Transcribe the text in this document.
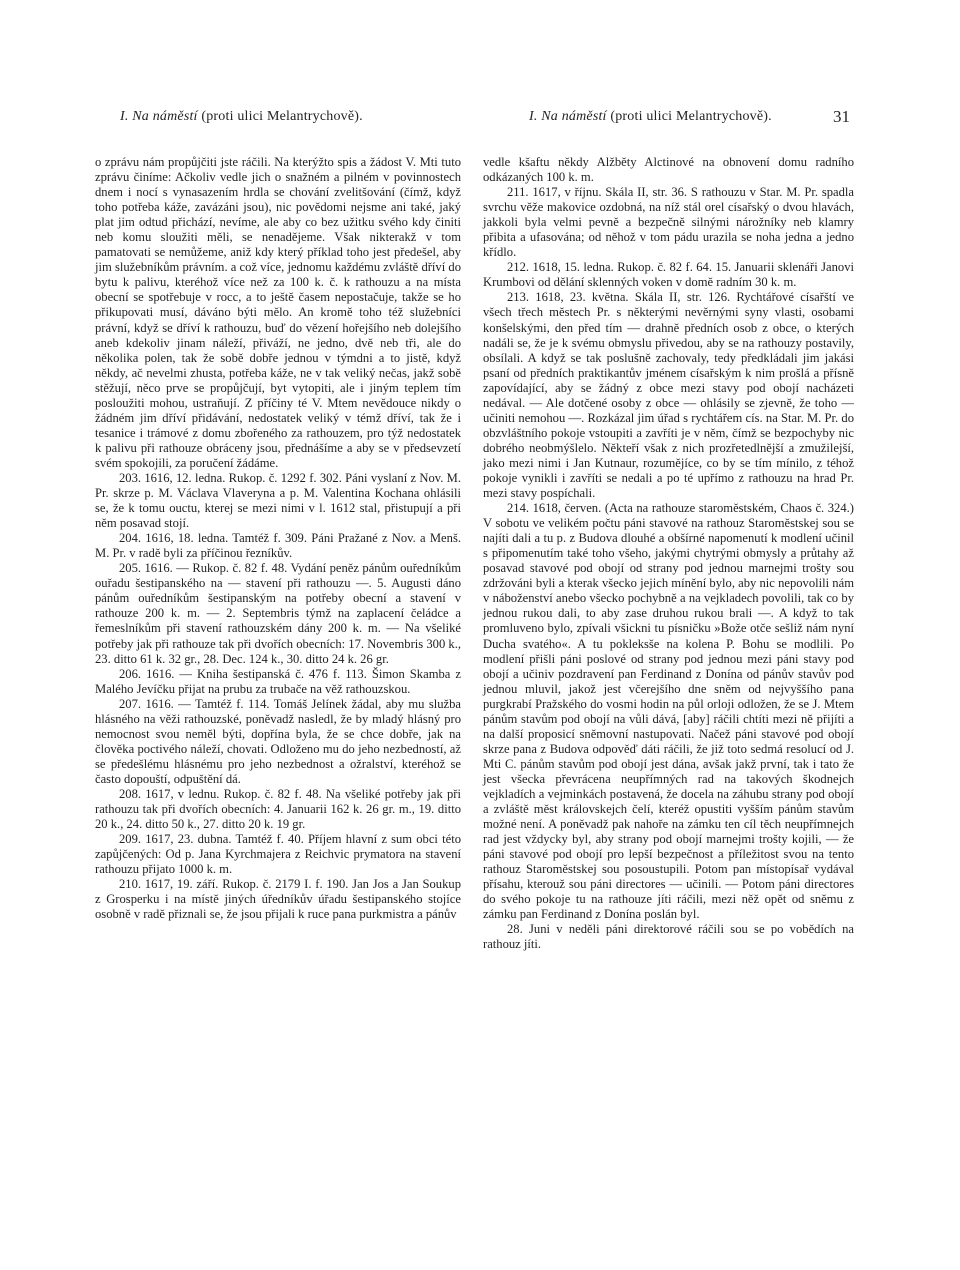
I. Na náměstí (proti ulici Melantrychově).	I. Na náměstí (proti ulici Melantrychově).	31

o zprávu nám propůjčiti jste ráčili. Na kterýžto spis a žádost V. Mti tuto zprávu činíme: Ačkoliv vedle jich o snažném a pilném v povinnostech dnem i nocí s vynasazením hrdla se chování zvelitšování (čímž, když toho potřeba káže, zavázáni jsou), nic povědomi nejsme ani také, jaký plat jim odtud přichází, nevíme, ale aby co bez užitku svého kdy činiti neb komu sloužiti měli, se nenadějeme. Však nikterakž v tom pamatovati se nemůžeme, aniž kdy který příklad toho jest předešel, aby jim služebníkům právním. a což více, jednomu každému zvláště dříví do bytu k palivu, kteréhož více než za 100 k. č. k rathouzu a na místa obecní se spotřebuje v rocc, a to ještě časem nepostačuje, takže se ho přikupovati musí, dáváno býti mělo. An kromě toho též služebníci právní, když se dříví k rathouzu, buď do vězení hořejšího neb dolejšího aneb kdekoliv jinam náleží, přiváží, ne jedno, dvě neb tři, ale do několika polen, tak že sobě dobře jednou v týmdni a to jistě, když někdy, ač nevelmi zhusta, potřeba káže, ne v tak veliký nečas, jakž sobě stěžují, něco prve se propůjčují, byt vytopiti, ale i jiným teplem tím posloužiti mohou, ustraňují. Z příčiny té V. Mtem nevědouce nikdy o žádném jim dříví přidávání, nedostatek veliký v témž dříví, tak že i tesanice i trámové z domu zbořeného za rathouzem, pro týž nedostatek k palivu při rathouze obráceny jsou, přednášíme a aby se v předsevzetí svém spokojili, za poručení žádáme.

203. 1616, 12. ledna. Rukop. č. 1292 f. 302. Páni vyslaní z Nov. M. Pr. skrze p. M. Václava Vlaveryna a p. M. Valentina Kochana ohlásili se, že k tomu ouctu, kterej se mezi nimi v l. 1612 stal, přistupují a při něm posavad stojí.

204. 1616, 18. ledna. Tamtéž f. 309. Páni Pražané z Nov. a Menš. M. Pr. v radě byli za příčinou řezníkův.

205. 1616. — Rukop. č. 82 f. 48. Vydání peněz pánům ouředníkům ouřadu šestipanského na — stavení při rathouzu —. 5. Augusti dáno pánům ouředníkům šestipanským na potřeby obecní a stavení v rathouze 200 k. m. — 2. Septembris týmž na zaplacení čeládce a řemeslníkům při stavení rathouzském dány 200 k. m. — Na všeliké potřeby jak při rathouze tak při dvořích obecních: 17. Novembris 300 k., 23. ditto 61 k. 32 gr., 28. Dec. 124 k., 30. ditto 24 k. 26 gr.

206. 1616. — Kniha šestipanská č. 476 f. 113. Šimon Skamba z Malého Jevíčku přijat na prubu za trubače na věž rathouzskou.

207. 1616. — Tamtéž f. 114. Tomáš Jelínek žádal, aby mu služba hlásného na věži rathouzské, poněvadž nasledl, že by mladý hlásný pro nemocnost svou neměl býti, dopřína byla, že se chce dobře, jak na člověka poctivého náleží, chovati. Odloženo mu do jeho nezbedností, až se předešlému hlásnému pro jeho nezbednost a ožralství, kteréhož se často dopouští, odpuštění dá.

208. 1617, v lednu. Rukop. č. 82 f. 48. Na všeliké potřeby jak při rathouzu tak při dvořích obecních: 4. Januarii 162 k. 26 gr. m., 19. ditto 20 k., 24. ditto 50 k., 27. ditto 20 k. 19 gr.

209. 1617, 23. dubna. Tamtéž f. 40. Příjem hlavní z sum obci této zapůjčených: Od p. Jana Kyrchmajera z Reichvic prymatora na stavení rathouzu přijato 1000 k. m.

210. 1617, 19. září. Rukop. č. 2179 I. f. 190. Jan Jos a Jan Soukup z Grosperku i na místě jiných úředníkův úřadu šestipanského stojíce osobně v radě přiznali se, že jsou přijali k ruce pana purkmistra a pánův

vedle kšaftu někdy Alžběty Alctinové na obnovení domu radního odkázaných 100 k. m.

211. 1617, v říjnu. Skála II, str. 36. S rathouzu v Star. M. Pr. spadla svrchu věže makovice ozdobná, na níž stál orel císařský o dvou hlavách, jakkoli byla velmi pevně a bezpečně silnými nárožníky neb klamry přibita a ufasována; od něhož v tom pádu urazila se noha jedna a jedno křídlo.

212. 1618, 15. ledna. Rukop. č. 82 f. 64. 15. Januarii sklenáři Janovi Krumbovi od dělání sklenných voken v domě radním 30 k. m.

213. 1618, 23. května. Skála II, str. 126. Rychtářové císařští ve všech třech městech Pr. s některými nevěrnými syny vlasti, osobami konšelskými, den před tím — drahně předních osob z obce, o kterých nadáli se, že je k svému obmyslu přivedou, aby se na rathouzy postavily, obsílali. A když se tak poslušně zachovaly, tedy předkládali jim jakási psaní od předních praktikantův jménem císařským k nim prošlá a přísně zapovídající, aby se žádný z obce mezi stavy pod obojí nacházeti nedával. — Ale dotčené osoby z obce — ohlásily se zjevně, že toho — učiniti nemohou —. Rozkázal jim úřad s rychtářem cís. na Star. M. Pr. do obzvláštního pokoje vstoupiti a zavříti je v něm, čímž se bezpochyby nic dobrého neobmýšlelo. Někteří však z nich prozřetedlnější a zmužilejší, jako mezi nimi i Jan Kutnaur, rozumějíce, co by se tím mínilo, z téhož pokoje vynikli i zavříti se nedali a po té upřímo z rathouzu na hrad Pr. mezi stavy pospíchali.

214. 1618, červen. (Acta na rathouze staroměstském, Chaos č. 324.) V sobotu ve velikém počtu páni stavové na rathouz Staroměstskej sou se najíti dali a tu p. z Budova dlouhé a obšírné napomenutí k modlení učinil s připomenutím také toho všeho, jakými chytrými obmysly a průtahy až posavad stavové pod obojí od strany pod jednou marnejmi trošty sou zdržováni byli a kterak všecko jejich mínění bylo, aby nic nepovolili nám v náboženství anebo všecko pochybně a na vejkladech povolili, tak co by jednou rukou dali, to aby zase druhou rukou brali —. A když to tak promluveno bylo, zpívali všickni tu písničku »Bože otče sešliž nám nyní Ducha svatého«. A tu pokleksše na kolena P. Bohu se modlili. Po modlení přišli páni poslové od strany pod jednou mezi páni stavy pod obojí a učiniv pozdravení pan Ferdinand z Donína od pánův stavův pod jednou mluvil, jakož jest včerejšího dne sněm od nejvyššího pana purgkrabí Pražského do vosmi hodin na půl orloji odložen, že se J. Mtem pánům stavům pod obojí na vůli dává, [aby] ráčili chtíti mezi ně přijíti a na další proposicí sněmovní nastupovati. Načež páni stavové pod obojí skrze pana z Budova odpověď dáti ráčili, že již toto sedmá resolucí od J. Mti C. pánům stavům pod obojí jest dána, avšak jakž první, tak i tato že jest všecka převrácena neupřímných rad na takových škodnejch vejkladích a vejminkách postavená, že docela na záhubu strany pod obojí a zvláště měst královskejch čelí, kteréž opustiti vyšším pánům stavům možné není. A poněvadž pak nahoře na zámku ten cíl těch neupřímnejch rad jest vždycky byl, aby strany pod obojí marnejmi trošty kojili, — že páni stavové pod obojí pro lepší bezpečnost a příležitost svou na tento rathouz Staroměstskej sou posoustupili. Potom pan místopísař vydával přísahu, kterouž sou páni directores — učinili. — Potom páni directores do svého pokoje tu na rathouze jíti ráčili, mezi něž opět od sněmu z zámku pan Ferdinand z Donína poslán byl.

28. Juni v neděli páni direktorové ráčili sou se po vobědích na rathouz jíti.
